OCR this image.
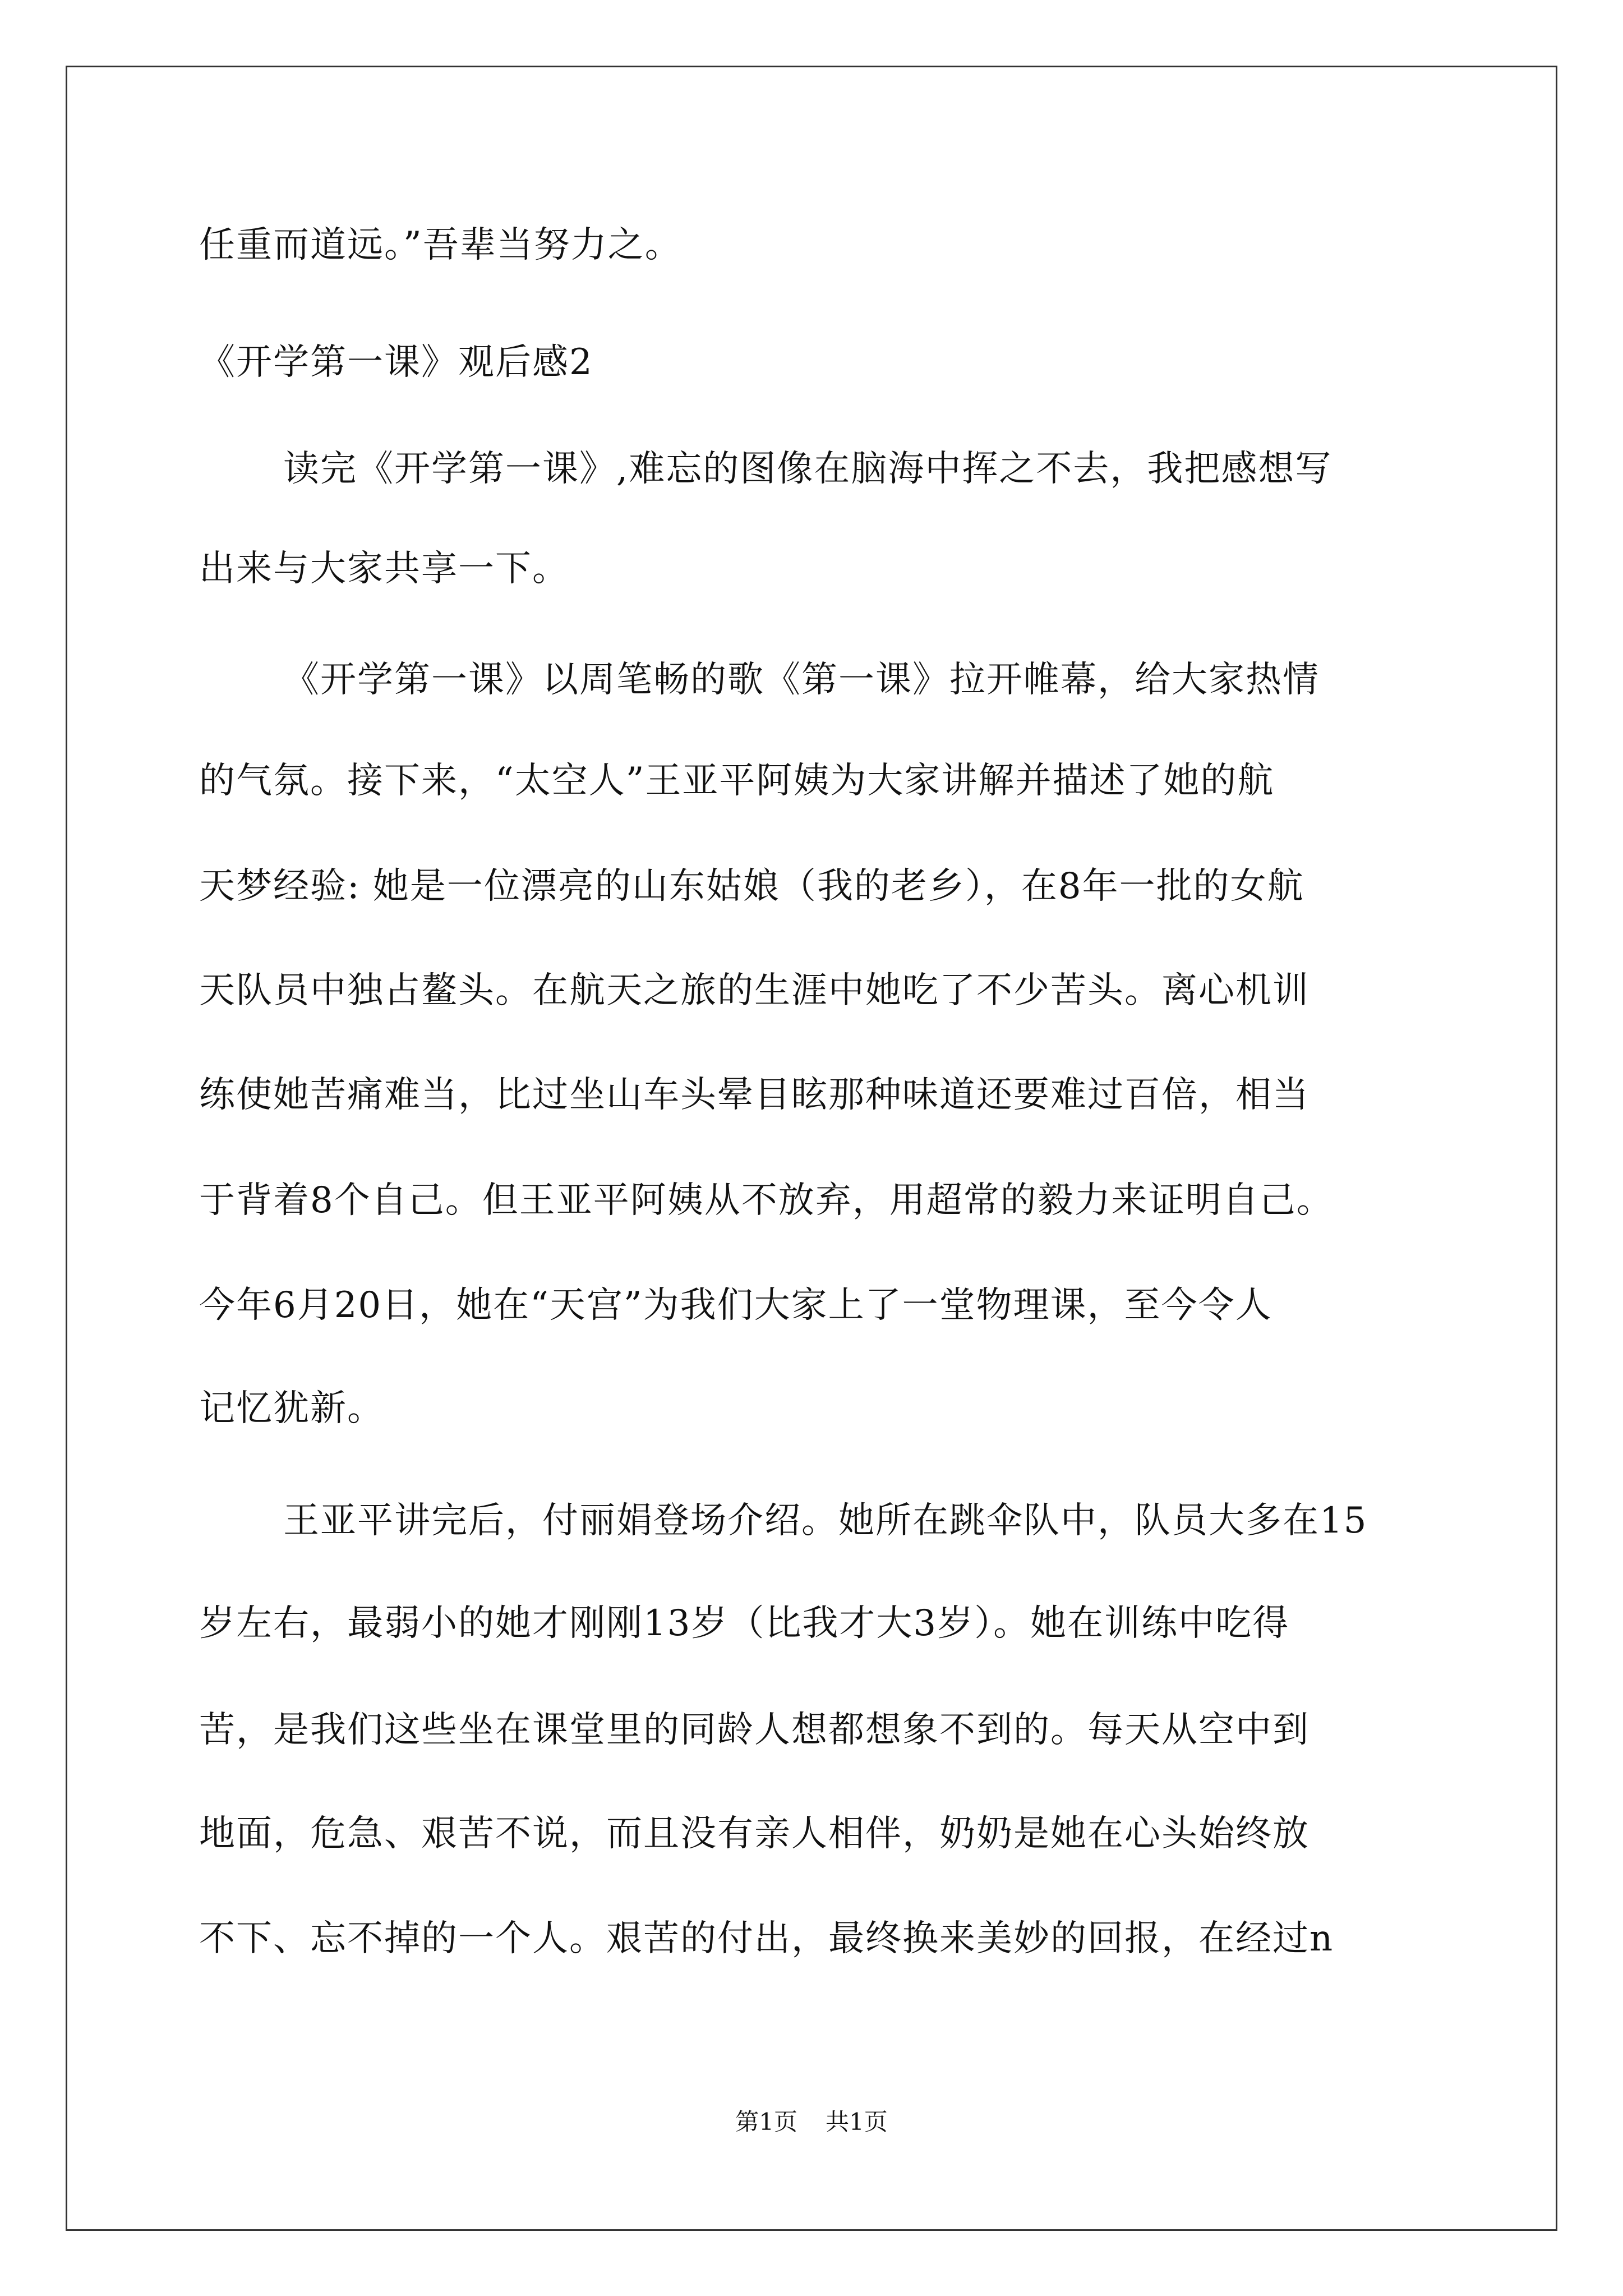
任重而道远。”吾辈当努力之。
《开学第一课》观后感2
读完《开学第一课》,难忘的图像在脑海中挥之不去，我把感想写
出来与大家共享一下。
《开学第一课》以周笔畅的歌《第一课》拉开帷幕，给大家热情
的气氛。接下来，“太空人”王亚平阿姨为大家讲解并描述了她的航
天梦经验: 她是一位漂亮的山东姑娘（我的老乡），在8年一批的女航
天队员中独占鳌头。在航天之旅的生涯中她吃了不少苦头。离心机训
练使她苦痛难当，比过坐山车头晕目眩那种味道还要难过百倍，相当
于背着8个自己。但王亚平阿姨从不放弃，用超常的毅力来证明自己。
今年6月20日，她在“天宫”为我们大家上了一堂物理课，至今令人
记忆犹新。
王亚平讲完后，付丽娟登场介绍。她所在跳伞队中，队员大多在15
岁左右，最弱小的她才刚刚13岁（比我才大3岁）。她在训练中吃得
苦，是我们这些坐在课堂里的同龄人想都想象不到的。每天从空中到
地面，危急、艰苦不说，而且没有亲人相伴，奶奶是她在心头始终放
不下、忘不掉的一个人。艰苦的付出，最终换来美妙的回报，在经过n
第1页 共1页
